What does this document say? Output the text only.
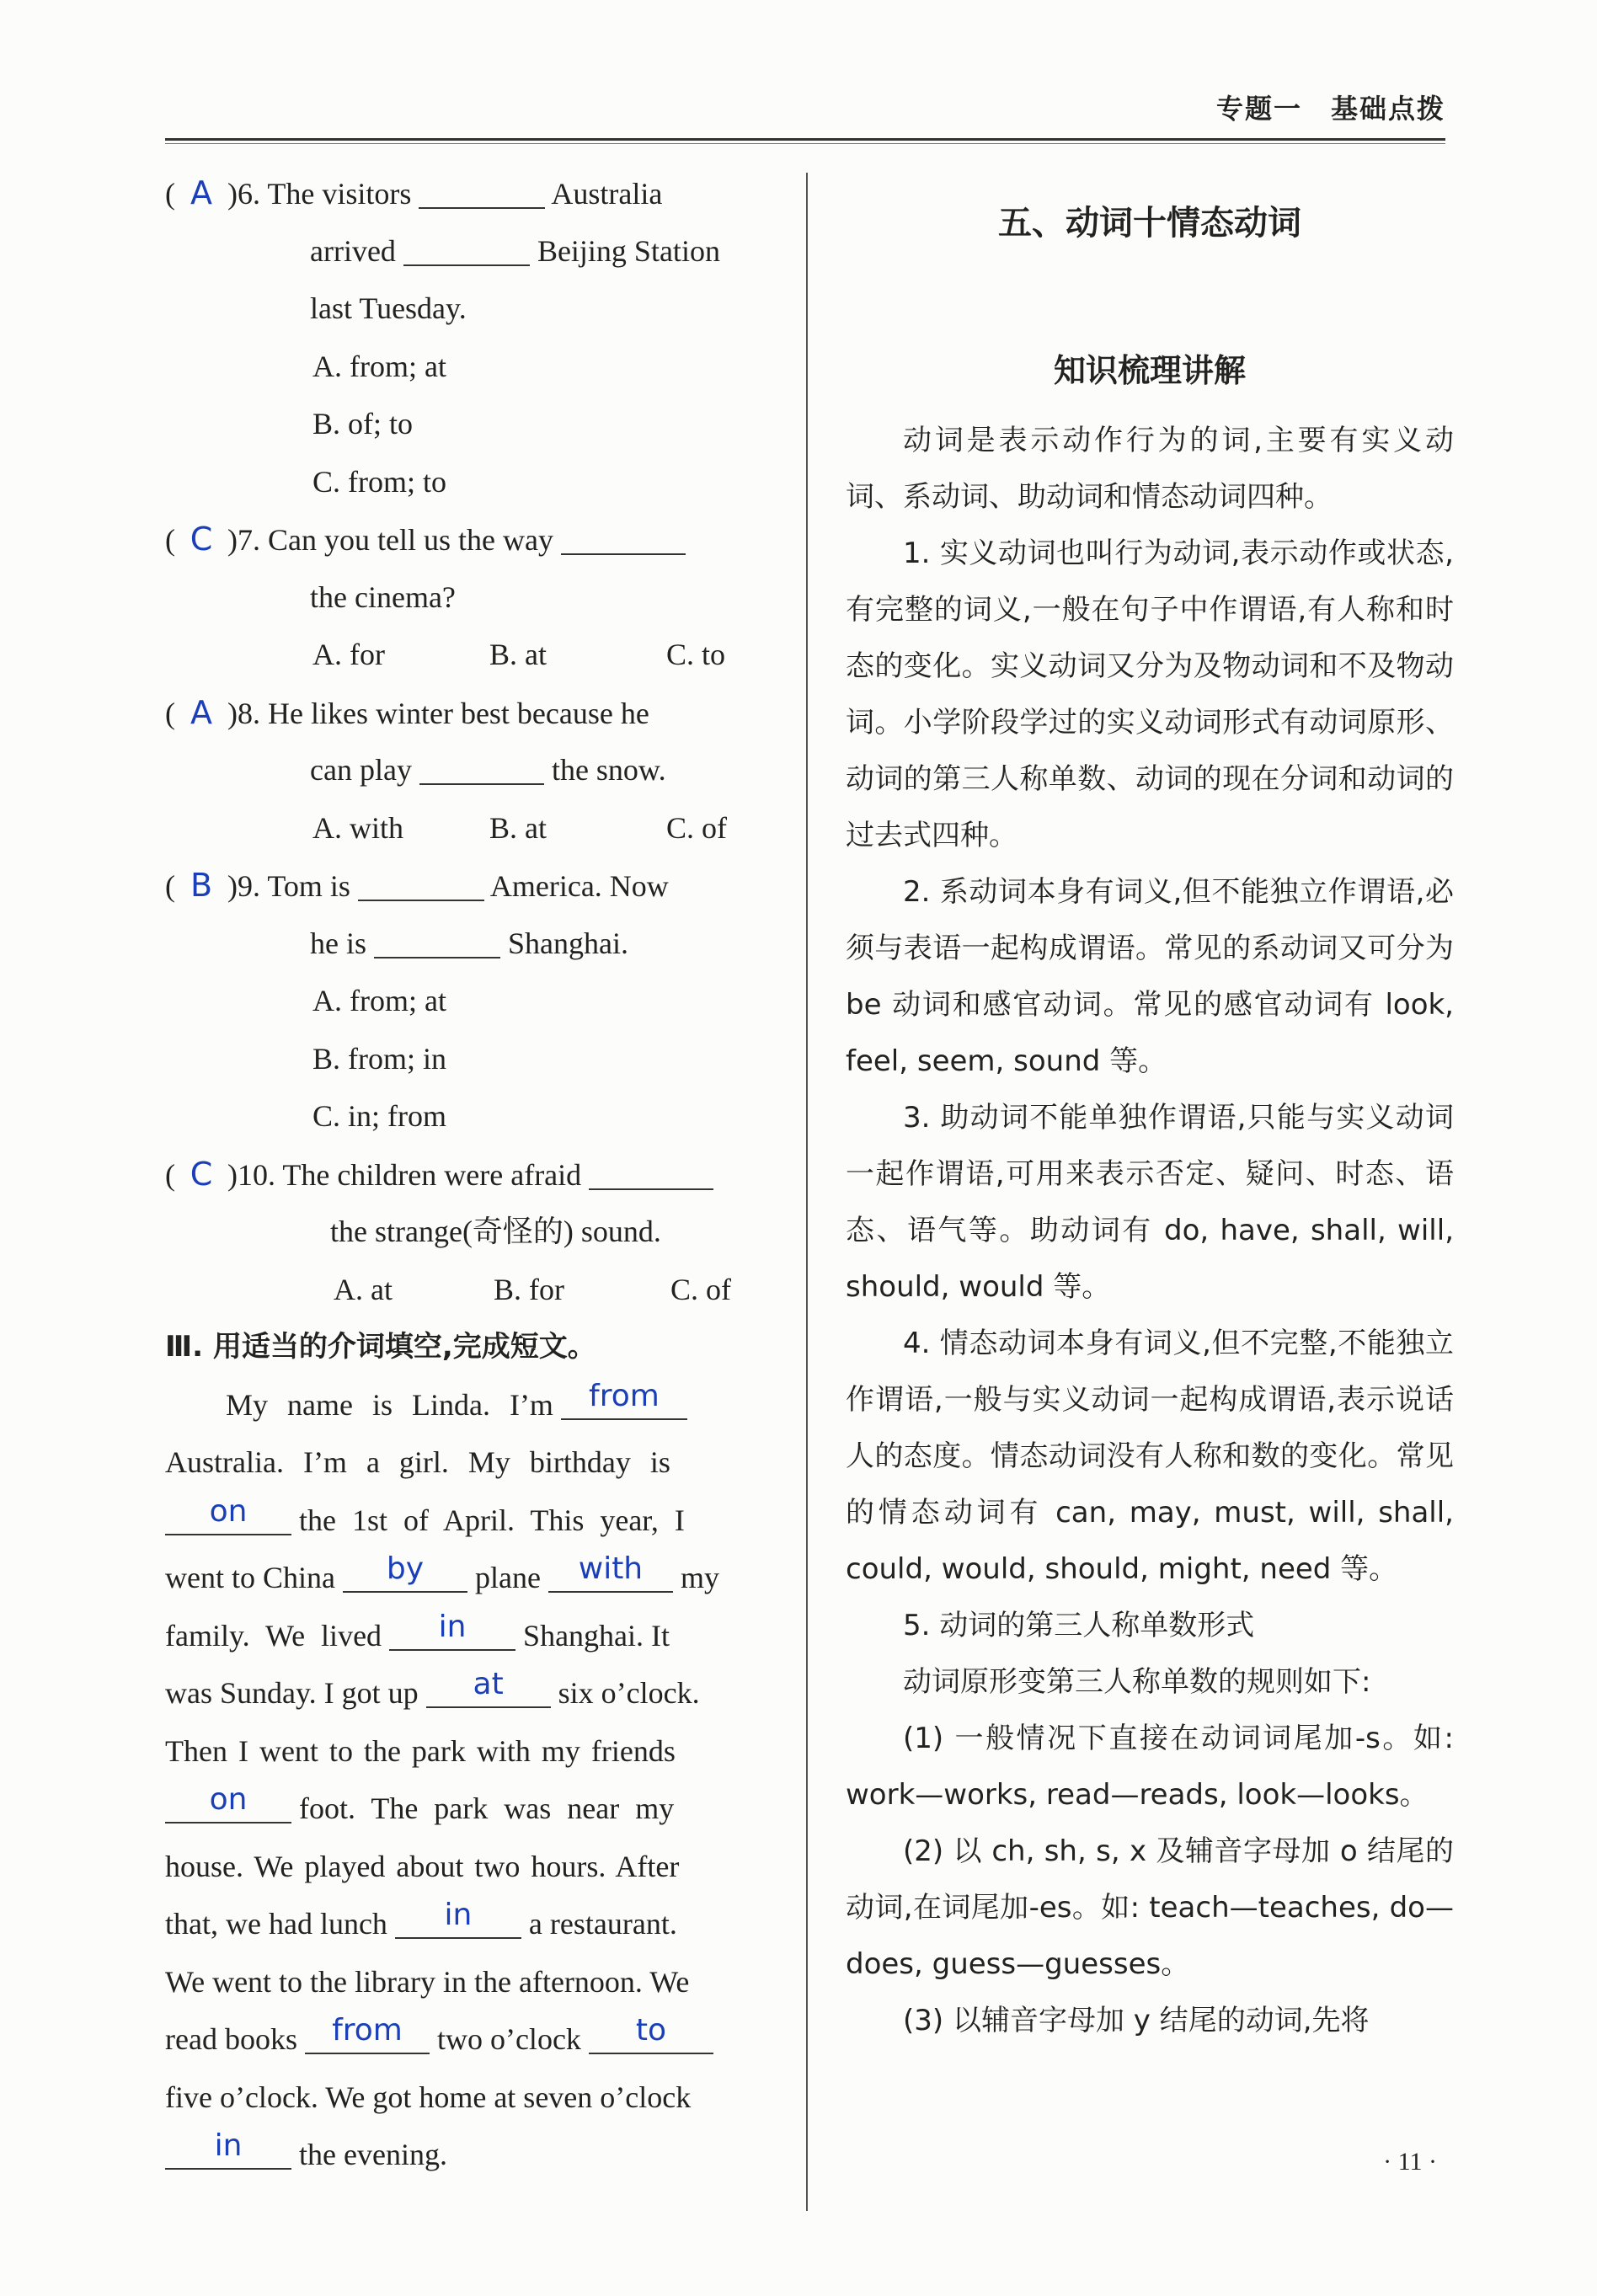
专题一　基础点拨
( A )6. The visitors	Australia
arrived	Beijing Station
last Tuesday.
A. from; at
B. of; to
C. from; to
( C )7. Can you tell us the way
the cinema?
A. for	B. at	C. to
( A )8. He likes winter best because he
can play	the snow.
A. with	B. at	C. of
( B )9. Tom is	America. Now
he is	Shanghai.
A. from; at
B. from; in
C. in; from
( C )10. The children were afraid
the strange(奇怪的) sound.
A. at	B. for	C. of
Ⅲ. 用适当的介词填空,完成短文。
My name is Linda. I’m	from
Australia. I’m a girl. My birthday is
on	the 1st of April. This year, I
went to China	by	plane	with	my
family. We lived	in	Shanghai. It
was Sunday. I got up	at	six o’clock.
Then I went to the park with my friends
on	foot. The park was near my
house. We played about two hours. After
that, we had lunch	in	a restaurant.
We went to the library in the afternoon. We
read books	from	two o’clock	to
five o’clock. We got home at seven o’clock
in	the evening.
五、动词十情态动词
知识梳理讲解

动词是表示动作行为的词,主要有实义动词、系动词、助动词和情态动词四种。

1. 实义动词也叫行为动词,表示动作或状态,有完整的词义,一般在句子中作谓语,有人称和时态的变化。实义动词又分为及物动词和不及物动词。小学阶段学过的实义动词形式有动词原形、动词的第三人称单数、动词的现在分词和动词的过去式四种。

2. 系动词本身有词义,但不能独立作谓语,必须与表语一起构成谓语。常见的系动词又可分为 be 动词和感官动词。常见的感官动词有 look, feel, seem, sound 等。

3. 助动词不能单独作谓语,只能与实义动词一起作谓语,可用来表示否定、疑问、时态、语态、语气等。助动词有 do, have, shall, will, should, would 等。

4. 情态动词本身有词义,但不完整,不能独立作谓语,一般与实义动词一起构成谓语,表示说话人的态度。情态动词没有人称和数的变化。常见的情态动词有 can, may, must, will, shall, could, would, should, might, need 等。

5. 动词的第三人称单数形式

动词原形变第三人称单数的规则如下:

(1) 一般情况下直接在动词词尾加-s。如: work—works, read—reads, look—looks。

(2) 以 ch, sh, s, x 及辅音字母加 o 结尾的动词,在词尾加-es。如: teach—teaches, do—does, guess—guesses。

(3) 以辅音字母加 y 结尾的动词,先将

· 11 ·
